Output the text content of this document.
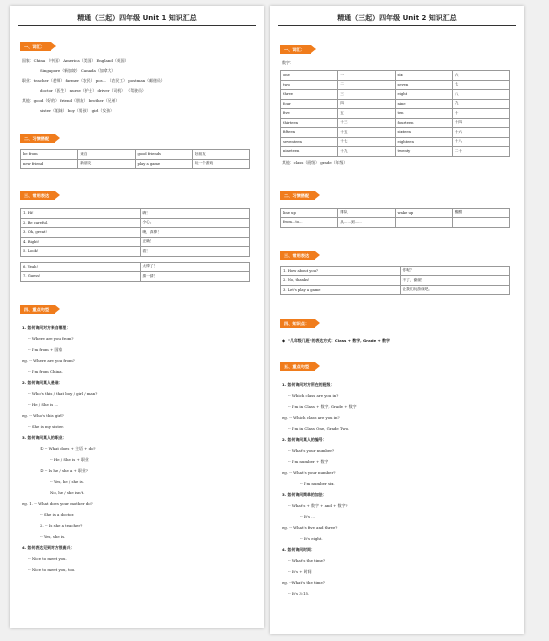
精通（三起）四年级 Unit 1 知识汇总
一、词汇：
国家：China （中国） America（美国） England（英国）
Singapore（新加坡） Canada（加拿大）
职业：teacher（老师） farmer（农民） pos... （农民工） postman（邮递员）
doctor（医生） nurse（护士） driver（司机） （驾驶员）
其他：good（好的） friend（朋友） brother（兄弟）
sister（姐妹） boy（男孩） girl（女孩）
二、习惯搭配
be from	来自	good friends	好朋友
new friend	新朋友	play a game	玩一个游戏
三、常用表达
1. Hi!	嗨！
2. Be careful.	小心。
3. Oh, great!	噢，真棒！
4. Right!	正确！
5. Look!	看！
6. Yeah!	太棒了！
7. Guess!	猜一猜！
四、重点句型
1. 如何询问对方来自哪里：
-- Where are you from?
-- I'm from + 国家
eg. -- Where are you from?
-- I'm from China.
2. 如何询问某人是谁：
-- Who's this / that boy / girl / man?
-- He / She is ...
eg. -- Who's this girl?
-- She is my sister.
3. 如何询问某人的职业：
① -- What does + 主语 + do?
-- He / She is + 职业
② -- Is he / she a + 职业?
-- Yes, he / she is.
No, he / she isn't.
eg. 1. -- What does your mother do?
-- She is a doctor.
2. -- Is she a teacher?
-- Yes, she is.
4. 如何表达见到对方很高兴：
-- Nice to meet you.
-- Nice to meet you, too.
精通（三起）四年级 Unit 2 知识汇总
一、词汇：
数字：
one	一	six	六
two	二	seven	七
three	三	eight	八
four	四	nine	九
five	五	ten	十
thirteen	十三	fourteen	十四
fifteen	十五	sixteen	十六
seventeen	十七	eighteen	十八
nineteen	十九	twenty	二十
其他：class（班级） grade（年级）
二、习惯搭配
line up	排队	wake up	醒醒
from...to...	从......到......		
三、常用表达
1. How about you?	你呢？
2. No, thanks!	不了，谢谢！
3. Let's play a game	让我们玩游戏吧。
四、知识点：
◆ "几年级几班"的表达方式：Class + 数字, Grade + 数字
五、重点句型
1. 如何询问对方所在的班级：
-- Which class are you in?
-- I'm in Class + 数字, Grade + 数字
eg. -- Which class are you in?
-- I'm in Class One, Grade Two.
2. 如何询问某人的编号：
-- What's your number?
-- I'm number + 数字
eg. -- What's your number?
-- I'm number six.
3. 如何询问简单的加法：
-- What's + 数字 + and + 数字?
-- It's ...
eg. -- What's five and three?
-- It's eight.
4. 如何询问时间：
-- What's the time?
-- It's + 时间
eg. --What's the time?
-- It's 3:15.
